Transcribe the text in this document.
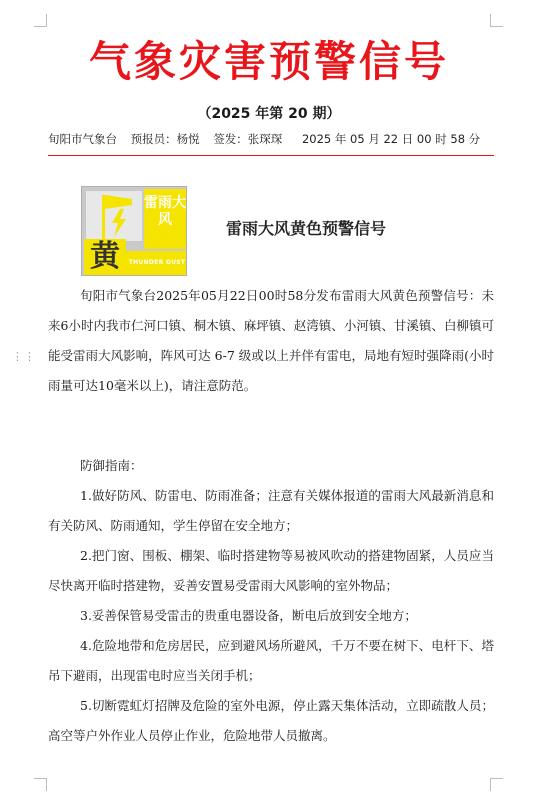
⋮⋮
气象灾害预警信号
（2025 年第 20 期）
旬阳市气象台 预报员：杨悦 签发：张琛琛 2025 年 05 月 22 日 00 时 58 分
黄
雷雨大风
THUNDER GUST
雷雨大风黄色预警信号

旬阳市气象台2025年05月22日00时58分发布雷雨大风黄色预警信号：未来6小时内我市仁河口镇、桐木镇、麻坪镇、赵湾镇、小河镇、甘溪镇、白柳镇可能受雷雨大风影响，阵风可达 6-7 级或以上并伴有雷电，局地有短时强降雨(小时雨量可达10毫米以上)，请注意防范。

防御指南：

1.做好防风、防雷电、防雨准备；注意有关媒体报道的雷雨大风最新消息和有关防风、防雨通知，学生停留在安全地方；

2.把门窗、围板、棚架、临时搭建物等易被风吹动的搭建物固紧，人员应当尽快离开临时搭建物，妥善安置易受雷雨大风影响的室外物品；

3.妥善保管易受雷击的贵重电器设备，断电后放到安全地方；

4.危险地带和危房居民，应到避风场所避风，千万不要在树下、电杆下、塔吊下避雨，出现雷电时应当关闭手机；

5.切断霓虹灯招牌及危险的室外电源，停止露天集体活动，立即疏散人员；高空等户外作业人员停止作业，危险地带人员撤离。
